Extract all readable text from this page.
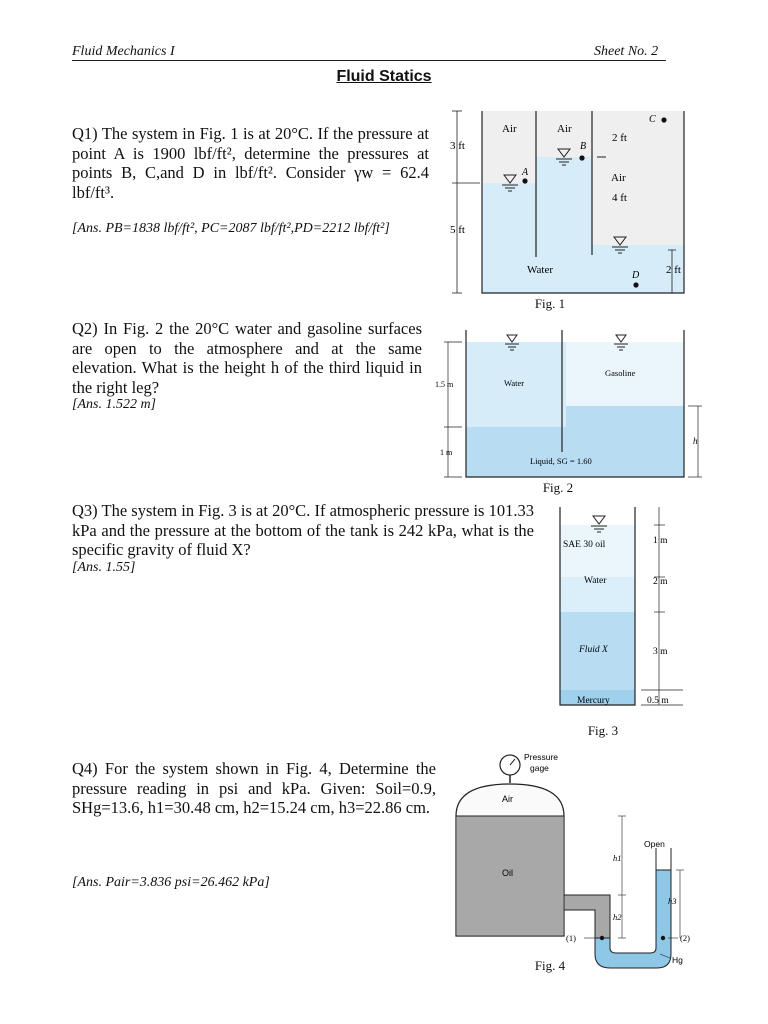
Fluid Mechanics I	Sheet No. 2
Fluid Statics
Q1) The system in Fig. 1 is at 20°C. If the pressure at point A is 1900 lbf/ft², determine the pressures at points B, C,and D in lbf/ft². Consider γw = 62.4 lbf/ft³.
[Ans. PB=1838 lbf/ft², PC=2087 lbf/ft²,PD=2212 lbf/ft²]
Air	Air
Air
Water
2 ft
4 ft
A
B
C
D
3 ft
5 ft
2 ft
Fig. 1
Q2) In Fig. 2 the 20°C water and gasoline surfaces are open to the atmosphere and at the same elevation. What is the height h of the third liquid in the right leg?
[Ans. 1.522 m]
Water
Gasoline
Liquid, SG = 1.60
1.5 m
1 m
h
Fig. 2
Q3) The system in Fig. 3 is at 20°C. If atmospheric pressure is 101.33 kPa and the pressure at the bottom of the tank is 242 kPa, what is the specific gravity of fluid X?
[Ans. 1.55]
SAE 30 oil
Water
Fluid X
Mercury
1 m
2 m
3 m
0.5 m
Fig. 3
Q4) For the system shown in Fig. 4, Determine the pressure reading in psi and kPa. Given: Soil=0.9, SHg=13.6, h1=30.48 cm, h2=15.24 cm, h3=22.86 cm.
[Ans. Pair=3.836 psi=26.462 kPa]
Pressure
gage
Air
Oil
Open
h1
h2
h3
(1)	(2)
Hg
Fig. 4
